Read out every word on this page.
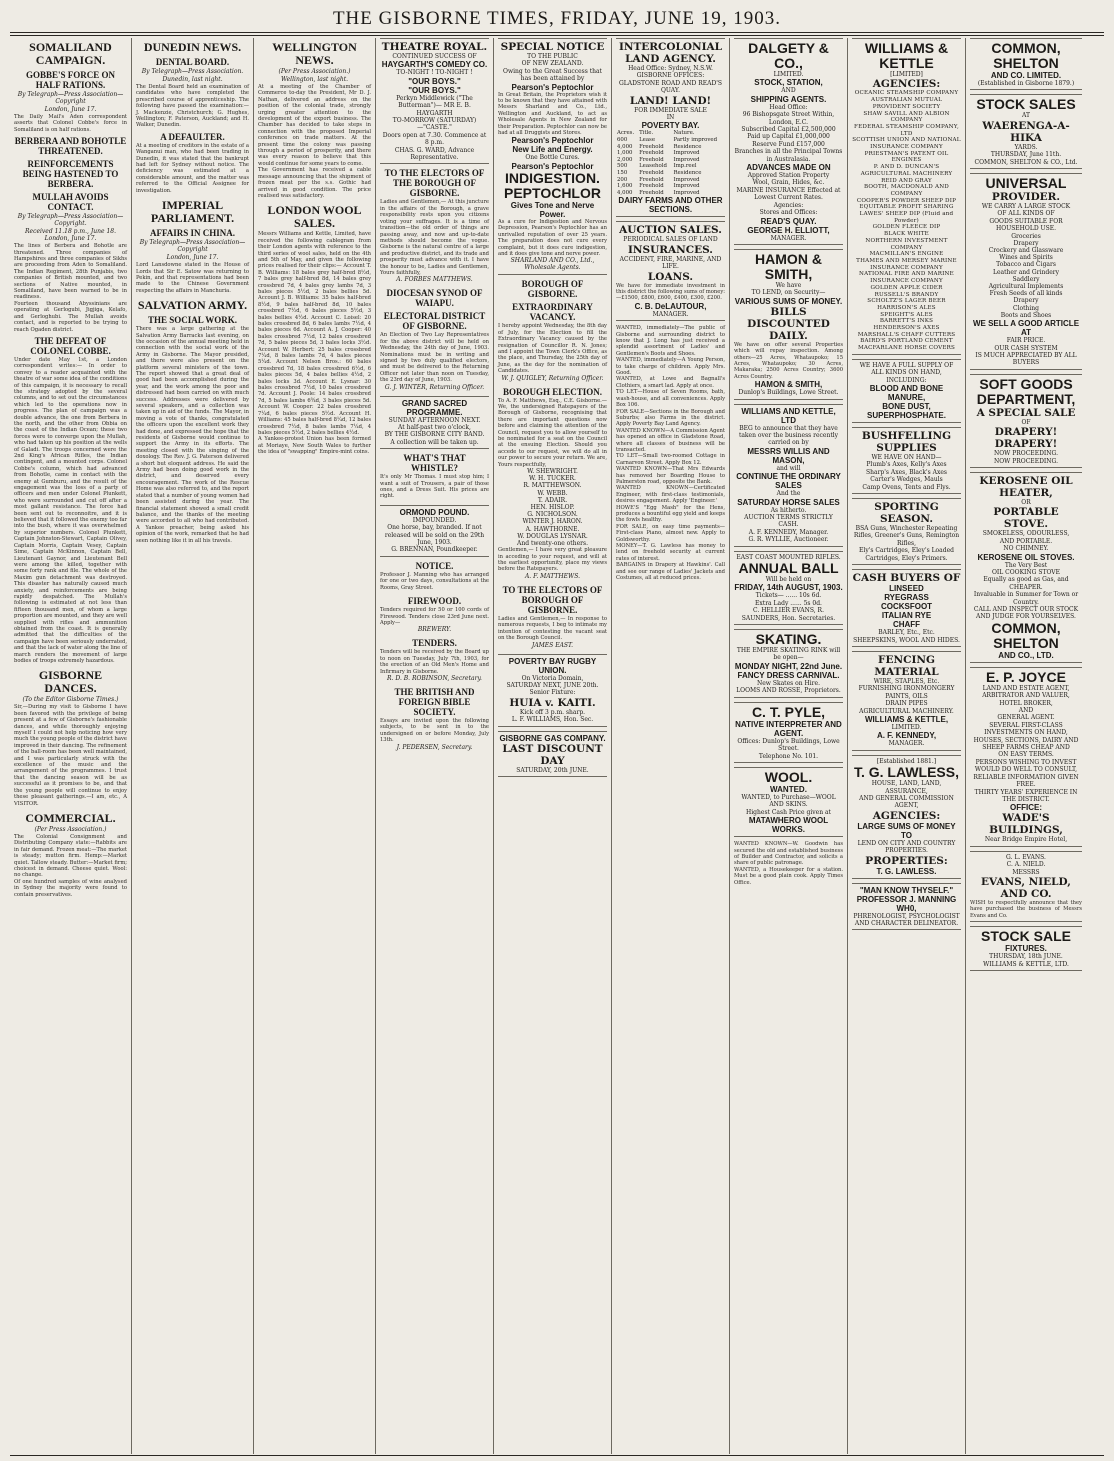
THE GISBORNE TIMES, FRIDAY, JUNE 19, 1903.
SOMALILAND CAMPAIGN.
GOBBE'S FORCE ON HALF RATIONS.
By Telegraph—Press Association—Copyright
London, June 17.
The Daily Mail's Aden correspondent asserts that Colonel Cobbe's force in Somaliland is on half rations.
BERBERA AND BOHOTLE THREATENED.
REINFORCEMENTS BEING HASTENED TO BERBERA.
MULLAH AVOIDS CONTACT.
By Telegraph—Press Association—Copyright.
Received 11.18 p.m., June 18. London, June 17.
The lines of Berbera and Bohotle are threatened. Three companies of Hampshires and three companies of Sikhs are proceeding from Aden to Somaliland. The Indian Regiment, 28th Punjabis, two companies of British mounted, and two sections of Native mounted, in Somaliland, have been warned to be in readiness.
Fourteen thousand Abyssinians are operating at Gerlogubi, Jigjiga, Kelafo, and Gerloghubi. The Mullah avoids contact, and is reported to be trying to reach Ogaden district.
THE DEFEAT OF COLONEL COBBE.
Under date May 1st, a London correspondent writes:— In order to convey to a reader acquainted with the theatre of war some idea of the conditions of this campaign, it is necessary to recall the strategy adopted by the several columns, and to set out the circumstances which led to the operations now in progress. The plan of campaign was a double advance, the one from Berbera in the north, and the other from Obbia on the coast of the Indian Ocean; these two forces were to converge upon the Mullah, who had taken up his position at the wells of Galadi. The troops concerned were the 2nd King's African Rifles, the Indian contingent, and a mounted corps. Colonel Cobbe's column, which had advanced from Bohotle, came in contact with the enemy at Gumburu, and the result of the engagement was the loss of a party of officers and men under Colonel Plunkett, who were surrounded and cut off after a most gallant resistance. The force had been sent out to reconnoitre, and it is believed that it followed the enemy too far into the bush, where it was overwhelmed by superior numbers. Colonel Plunkett, Captain Johnston-Stewart, Captain Olivey, Captain Morris, Captain Vesey, Captain Sime, Captain McKinnon, Captain Bell, Lieutenant Gaynor, and Lieutenant Bell were among the killed, together with some forty rank and file. The whole of the Maxim gun detachment was destroyed. This disaster has naturally caused much anxiety, and reinforcements are being rapidly despatched. The Mullah's following is estimated at not less than fifteen thousand men, of whom a large proportion are mounted, and they are well supplied with rifles and ammunition obtained from the coast. It is generally admitted that the difficulties of the campaign have been seriously underrated, and that the lack of water along the line of march renders the movement of large bodies of troops extremely hazardous.
GISBORNE DANCES.
(To the Editor Gisborne Times.)
Sir,—During my visit to Gisborne I have been favored with the privilege of being present at a few of Gisborne's fashionable dances, and while thoroughly enjoying myself I could not help noticing how very much the young people of the district have improved in their dancing. The refinement of the ball-room has been well maintained, and I was particularly struck with the excellence of the music and the arrangement of the programmes. I trust that the dancing season will be as successful as it promises to be, and that the young people will continue to enjoy these pleasant gatherings.—I am, etc., A VISITOR.
COMMERCIAL.
(Per Press Association.)
The Colonial Consignment and Distributing Company state:—Rabbits are in fair demand. Frozen meat:—The market is steady; mutton firm. Hemp:—Market quiet. Tallow steady. Butter:—Market firm; choicest in demand. Cheese quiet. Wool: no change.
Of one hundred samples of wine analysed in Sydney the majority were found to contain preservatives.
DUNEDIN NEWS.
DENTAL BOARD.
By Telegraph—Press Association.
Dunedin, last night.
The Dental Board held an examination of candidates who have completed the prescribed course of apprenticeship. The following have passed the examination:— J. Mackenzie, Christchurch; G. Hughes, Wellington; F. Paterson, Auckland; and H. Walker, Dunedin.
A DEFAULTER.
At a meeting of creditors in the estate of a Wanganui man, who had been trading in Dunedin, it was stated that the bankrupt had left for Sydney without notice. The deficiency was estimated at a considerable amount, and the matter was referred to the Official Assignee for investigation.
IMPERIAL PARLIAMENT.
AFFAIRS IN CHINA.
By Telegraph—Press Association—Copyright
London, June 17.
Lord Lansdowne stated in the House of Lords that Sir E. Satow was returning to Pekin, and that representations had been made to the Chinese Government respecting the affairs in Manchuria.
SALVATION ARMY.
THE SOCIAL WORK.
There was a large gathering at the Salvation Army Barracks last evening, on the occasion of the annual meeting held in connection with the social work of the Army in Gisborne. The Mayor presided, and there were also present on the platform several ministers of the town. The report showed that a great deal of good had been accomplished during the year, and the work among the poor and distressed had been carried on with much success. Addresses were delivered by several speakers, and a collection was taken up in aid of the funds. The Mayor, in moving a vote of thanks, congratulated the officers upon the excellent work they had done, and expressed the hope that the residents of Gisborne would continue to support the Army in its efforts. The meeting closed with the singing of the doxology. The Rev. J. G. Paterson delivered a short but eloquent address. He said the Army had been doing good work in the district, and deserved every encouragement. The work of the Rescue Home was also referred to, and the report stated that a number of young women had been assisted during the year. The financial statement showed a small credit balance, and the thanks of the meeting were accorded to all who had contributed. A Yankee preacher, being asked his opinion of the work, remarked that he had seen nothing like it in all his travels.
WELLINGTON NEWS.
(Per Press Association.)
Wellington, last night.
At a meeting of the Chamber of Commerce to-day the President, Mr D. J. Nathan, delivered an address on the position of the colonial trade, strongly urging greater attention to the development of the export business. The Chamber has decided to take steps in connection with the proposed Imperial conference on trade matters. At the present time the colony was passing through a period of prosperity, and there was every reason to believe that this would continue for some years to come.
The Government has received a cable message announcing that the shipment of frozen meat per the s.s. Gothic had arrived in good condition. The price realised was satisfactory.
LONDON WOOL SALES.
Messrs Williams and Kettle, Limited, have received the following cablegram from their London agents with reference to the third series of wool sales, held on the 4th and 5th of May, and given the following prices realised for their clips:— Account T. B. Williams: 18 bales grey half-bred 8½d, 7 bales grey half-bred 8d, 14 bales grey crossbred 7d, 4 bales grey lambs 7d, 3 bales pieces 5½d, 2 bales bellies 5d. Account J. B. Williams: 35 bales half-bred 8½d, 9 bales half-bred 8d, 10 bales crossbred 7½d, 6 bales pieces 5½d, 3 bales bellies 4½d. Account C. Loisel: 20 bales crossbred 8d, 6 bales lambs 7½d, 4 bales pieces 6d. Account A. J. Cooper: 40 bales crossbred 7½d, 12 bales crossbred 7d, 5 bales pieces 5d, 3 bales locks 3½d. Account W. Herbert: 25 bales crossbred 7¼d, 8 bales lambs 7d, 4 bales pieces 5¼d. Account Nelson Bros.: 60 bales crossbred 7d, 18 bales crossbred 6½d, 6 bales pieces 5d, 4 bales bellies 4½d, 2 bales locks 3d. Account E. Lysnar: 30 bales crossbred 7½d, 10 bales crossbred 7d. Account J. Poole: 14 bales crossbred 7d, 5 bales lambs 6¾d, 3 bales pieces 5d. Account W. Cooper: 22 bales crossbred 7¼d, 6 bales pieces 5½d. Account H. Williams: 45 bales half-bred 8¼d, 12 bales crossbred 7½d, 8 bales lambs 7¼d, 4 bales pieces 5½d, 2 bales bellies 4½d.
A Yankee-protest Union has been formed at Moriaye, New South Wales to further the idea of "swapping" Empire-mint coins.
THEATRE ROYAL.
CONTINUED SUCCESS OF
HAYGARTH'S COMEDY CO.
TO-NIGHT ! TO-NIGHT !
"OUR BOYS."
"OUR BOYS."
Perkyn Middlewick ("The Butterman")— MR E. B. HAYGARTH
TO-MORROW (SATURDAY)—"CASTE."
Doors open at 7.30. Commence at 8 p.m.
CHAS. G. WARD, Advance Representative.
TO THE ELECTORS OF THE BOROUGH OF GISBORNE.
Ladies and Gentlemen,— At this juncture in the affairs of the Borough, a grave responsibility rests upon you citizens voting your suffrages. It is a time of transition—the old order of things are passing away, and now and up-to-date methods should become the vogue. Gisborne is the natural centre of a large and productive district, and its trade and prosperity must advance with it. I have the honour to be, Ladies and Gentlemen, Yours faithfully,
A. FORBES MATTHEWS.
DIOCESAN SYNOD OF WAIAPU.
ELECTORAL DISTRICT OF GISBORNE.
An Election of Two Lay Representatives for the above district will be held on Wednesday, the 24th day of June, 1903. Nominations must be in writing and signed by two duly qualified electors, and must be delivered to the Returning Officer not later than noon on Tuesday, the 23rd day of June, 1903.
G. J. WINTER, Returning Officer.
GRAND SACRED PROGRAMME.
SUNDAY AFTERNOON NEXT.
At half-past two o'clock,
BY THE GISBORNE CITY BAND.
A collection will be taken up.
WHAT'S THAT WHISTLE?
It's only Mr Thomas. I must stop him; I want a suit of Trousers, a pair of those ones, and a Dress Suit. His prices are right.
ORMOND POUND.
IMPOUNDED.
One horse, bay, branded. If not released will be sold on the 29th June, 1903.
G. BRENNAN, Poundkeeper.
NOTICE.
Professor J. Manning who has arranged for one or two days, consultations at the Rooms, Gray Street.
FIREWOOD.
Tenders required for 50 or 100 cords of Firewood. Tenders close 23rd June next. Apply—
BREWERY.
TENDERS.
Tenders will be received by the Board up to noon on Tuesday, July 7th, 1903, for the erection of an Old Men's Home and Infirmary in Gisborne.
R. D. B. ROBINSON, Secretary.
THE BRITISH AND FOREIGN BIBLE SOCIETY.
Essays are invited upon the following subjects, to be sent in to the undersigned on or before Monday, July 13th.
J. PEDERSEN, Secretary.
SPECIAL NOTICE
TO THE PUBLIC
OF NEW ZEALAND.
Owing to the Great Success that has been attained by
Pearson's Peptochlor
In Great Britain, the Proprietors wish it to be known that they have attained with Messrs Sharland and Co., Ltd., Wellington and Auckland, to act as Wholesale Agents in New Zealand for their Preparation. Peptochlor can now be had at all Druggists and Stores.
Pearson's Peptochlor
New Life and Energy.
One Bottle Cures.
Pearson's Peptochlor
INDIGESTION.
PEPTOCHLOR
Gives Tone and Nerve Power.
As a cure for Indigestion and Nervous Depression, Pearson's Peptochlor has an unrivalled reputation of over 25 years. The preparation does not cure every complaint, but it does cure indigestion, and it does give tone and nerve power.
SHARLAND AND CO., Ltd., Wholesale Agents.
BOROUGH OF GISBORNE.
EXTRAORDINARY VACANCY.
I hereby appoint Wednesday, the 8th day of July, for the Election to fill the Extraordinary Vacancy caused by the resignation of Councillor R. N. Jones; and I appoint the Town Clerk's Office, as the place, and Thursday, the 25th day of June, as the day for the nomination of Candidates.
W. J. QUIGLEY, Returning Officer.
BOROUGH ELECTION.
To A. F. Matthews, Esq., C.E. Gisborne.— We, the undersigned Ratepayers of the Borough of Gisborne, recognising that there are important questions now before and claiming the attention of the Council, request you to allow yourself to be nominated for a seat on the Council at the ensuing Election. Should you accede to our request, we will do all in our power to secure your return. We are, Yours respectfully,
W. SHEWRIGHT.
W. H. TUCKER.
R. MATTHEWSON.
W. WEBB.
T. ADAIR.
HEN. HISLOP.
G. NICHOLSON.
WINTER J. HARON.
A. HAWTHORNE.
W. DOUGLAS LYSNAR.
And twenty-one others.
Gentlemen,— I have very great pleasure in acceding to your request, and will at the earliest opportunity, place my views before the Ratepayers.
A. F. MATTHEWS.
TO THE ELECTORS OF BOROUGH OF GISBORNE.
Ladies and Gentlemen,— In response to numerous requests, I beg to intimate my intention of contesting the vacant seat on the Borough Council.
JAMES EAST.
POVERTY BAY RUGBY UNION.
On Victoria Domain,
SATURDAY NEXT, JUNE 20th.
Senior Fixture:
HUIA v. KAITI.
Kick off 3 p.m. sharp.
L. F. WILLIAMS, Hon. Sec.
GISBORNE GAS COMPANY.
LAST DISCOUNT DAY
SATURDAY, 20th JUNE.
INTERCOLONIAL LAND AGENCY.
Head Office: Sydney, N.S.W.
GISBORNE OFFICES:
GLADSTONE ROAD AND READ'S QUAY.
LAND! LAND!
FOR IMMEDIATE SALE
IN
POVERTY BAY.
Acres.	Title.	Nature.
600	Lease	Partly improved
4,000	Freehold	Residence
1,000	Freehold	Improved
2,000	Freehold	Improved
500	Leasehold	Imp.reel
150	Freehold	Residence
200	Freehold	Improved
1,600	Freehold	Improved
4,000	Freehold	Improved
DAIRY FARMS AND OTHER SECTIONS.
AUCTION SALES.
PERIODICAL SALES OF LAND
INSURANCES.
ACCIDENT, FIRE, MARINE, AND LIFE.
LOANS.
We have for immediate investment in this district the following sums of money:—£1500, £800, £600, £400, £300, £200.
C. B. DeLAUTOUR,
MANAGER.
WANTED, immediately—The public of Gisborne and surrounding district to know that J. Long has just received a splendid assortment of Ladies' and Gentlemen's Boots and Shoes.
WANTED, immediately—A Young Person, to take charge of children. Apply Mrs. Good.
WANTED, at Lowe and Bagnall's Clothiers, a smart lad. Apply at once.
TO LET—House of Seven Rooms, bath, wash-house, and all conveniences. Apply Box 106.
FOR SALE—Sections in the Borough and Suburbs; also Farms in the district. Apply Poverty Bay Land Agency.
WANTED KNOWN—A Commission Agent has opened an office in Gladstone Road, where all classes of business will be transacted.
TO LET—Small two-roomed Cottage in Carnarvon Street. Apply Box 12.
WANTED KNOWN—That Mrs Edwards has removed her Boarding House to Palmerston road, opposite the Bank.
WANTED KNOWN—Certificated Engineer, with first-class testimonials, desires engagement. Apply 'Engineer.'
HOWE'S "Egg Mash" for the Hens, produces a bountiful egg yield and keeps the fowls healthy.
FOR SALE, on easy time payments—First-class Piano, almost new. Apply to Goldsworthy.
MONEY—T. G. Lawless has money to lend on freehold security at current rates of interest.
BARGAINS in Drapery at Hawkins'. Call and see our range of Ladies' Jackets and Costumes, all at reduced prices.
DALGETY & CO.,
LIMITED.
STOCK, STATION,
AND
SHIPPING AGENTS.
Head Office:
96 Bishopsgate Street Within, London, E.C.
Subscribed Capital £2,500,000
Paid up Capital £1,000,000
Reserve Fund £157,000
Branches in all the Principal Towns in Australasia.
ADVANCES MADE ON
Approved Station Property
Wool, Grain, Hides, &c.
MARINE INSURANCE Effected at Lowest Current Rates.
Agencies:
Stores and Offices:
READ'S QUAY.
GEORGE H. ELLIOTT,
MANAGER.
HAMON & SMITH,
We have
TO LEND, on Security—
VARIOUS SUMS OF MONEY.
BILLS DISCOUNTED
DAILY.
We have on offer several Properties which will repay inspection. Among others—25 Acres, Whataupoko; 15 Acres, Whataupoko; 30 Acres, Makaraka; 2500 Acres Country; 3600 Acres Country.
HAMON & SMITH,
Dunlop's Buildings, Lowe Street.
WILLIAMS AND KETTLE, LTD
BEG to announce that they have taken over the business recently carried on by
MESSRS WILLIS AND MASON,
and will
CONTINUE THE ORDINARY SALES
And the
SATURDAY HORSE SALES
As hitherto.
AUCTION TERMS STRICTLY CASH.
A. F. KENNEDY, Manager.
G. R. WYLLIE, Auctioneer.
EAST COAST MOUNTED RIFLES.
ANNUAL BALL
Will be held on
FRIDAY, 14th AUGUST, 1903.
Tickets— ...... 10s 6d.
Extra Lady ...... 5s 0d.
C. HELLIER EVANS, R. SAUNDERS, Hon. Secretaries.
SKATING.
THE EMPIRE SKATING RINK will be open—
MONDAY NIGHT, 22nd June.
FANCY DRESS CARNIVAL.
New Skates on Hire.
LOOMS AND ROSSE, Proprietors.
C. T. PYLE,
NATIVE INTERPRETER AND AGENT.
Offices: Dunlop's Buildings, Lowe Street.
Telephone No. 101.
WOOL.
WANTED.
WANTED, to Purchase—WOOL AND SKINS.
Highest Cash Price given at
MATAWHERO WOOL WORKS.
WANTED KNOWN—W. Goodwin has secured the old and established business of Builder and Contractor, and solicits a share of public patronage.
WANTED, a Housekeeper for a station. Must be a good plain cook. Apply Times Office.
WILLIAMS & KETTLE
[LIMITED]
AGENCIES:
OCEANIC STEAMSHIP COMPANY
AUSTRALIAN MUTUAL PROVIDENT SOCIETY
SHAW SAVILL AND ALBION COMPANY
FEDERAL STEAMSHIP COMPANY, LTD
SCOTTISH UNION AND NATIONAL INSURANCE COMPANY
PRIESTMAN'S PATENT OIL ENGINES
P. AND D. DUNCAN'S AGRICULTURAL MACHINERY
REID AND GRAY
BOOTH, MACDONALD AND COMPANY
COOPER'S POWDER SHEEP DIP
EQUITABLE PROFIT SHARING
LAWES' SHEEP DIP (Fluid and Powder)
GOLDEN FLEECE DIP
BLACK WHITE
NORTHERN INVESTMENT COMPANY
MACMILLAN'S ENGINE
THAMES AND MERSEY MARINE INSURANCE COMPANY
NATIONAL FIRE AND MARINE INSURANCE COMPANY
GOLDEN APPLE CIDER
RUSSELL'S BRANDY
SCHOLTZ'S LAGER BEER
HARRISON'S ALES
SPEIGHT'S ALES
BARRETT'S INKS
HENDERSON'S AXES
MARSHALL'S CHAFF CUTTERS
BAIRD'S PORTLAND CEMENT
MACFARLANE HORSE COVERS
WE HAVE A FULL SUPPLY OF
ALL KINDS ON HAND,
INCLUDING:
BLOOD AND BONE MANURE,
BONE DUST,
SUPERPHOSPHATE.
BUSHFELLING SUPPLIES
WE HAVE ON HAND—
Plumb's Axes, Kelly's Axes
Sharp's Axes, Black's Axes
Carter's Wedges, Mauls
Camp Ovens, Tents and Flys.
SPORTING SEASON.
BSA Guns, Winchester Repeating Rifles, Greener's Guns, Remington Rifles,
Ely's Cartridges, Eley's Loaded Cartridges, Eley's Primers.
CASH BUYERS OF
LINSEED
RYEGRASS
COCKSFOOT
ITALIAN RYE
CHAFF
BARLEY, Etc., Etc.
SHEEPSKINS, WOOL AND HIDES.
FENCING MATERIAL
WIRE, STAPLES, Etc.
FURNISHING IRONMONGERY
PAINTS, OILS
DRAIN PIPES
AGRICULTURAL MACHINERY.
WILLIAMS & KETTLE,
LIMITED.
A. F. KENNEDY,
MANAGER.
[Established 1881.]
T. G. LAWLESS,
HOUSE, LAND, LAND, ASSURANCE,
AND GENERAL COMMISSION
AGENT,
AGENCIES:
LARGE SUMS OF MONEY TO
LEND ON CITY AND COUNTRY PROPERTIES.
PROPERTIES:
T. G. LAWLESS.
"MAN KNOW THYSELF."
PROFESSOR J. MANNING WH0,
PHRENOLOGIST, PSYCHOLOGIST
AND CHARACTER DELINEATOR.
COMMON, SHELTON
AND CO. LIMITED.
(Established in Gisborne 1879.)
STOCK SALES
AT
WAERENGA-A-HIKA
YARDS.
THURSDAY, June 11th.
COMMON, SHELTON & CO., Ltd.
UNIVERSAL
PROVIDER.
WE CARRY A LARGE STOCK
OF ALL KINDS OF
GOODS SUITABLE FOR
HOUSEHOLD USE.
Groceries
Drapery
Crockery and Glassware
Wines and Spirits
Tobacco and Cigars
Leather and Grindery
Saddlery
Agricultural Implements
Fresh Seeds of all kinds
Drapery
Clothing
Boots and Shoes
WE SELL A GOOD ARTICLE AT
FAIR PRICE.
OUR CASH SYSTEM
IS MUCH APPRECIATED BY ALL BUYERS
SOFT GOODS DEPARTMENT,
A SPECIAL SALE
OF
DRAPERY! DRAPERY!
NOW PROCEEDING.
NOW PROCEEDING.
KEROSENE OIL HEATER,
OR
PORTABLE STOVE.
SMOKELESS, ODOURLESS,
AND PORTABLE.
NO CHIMNEY.
KEROSENE OIL STOVES.
The Very Best
OIL COOKING STOVE
Equally as good as Gas, and CHEAPER.
Invaluable in Summer for Town or Country.
CALL AND INSPECT OUR STOCK
AND JUDGE FOR YOURSELVES.
COMMON, SHELTON
AND CO., LTD.
E. P. JOYCE
LAND AND ESTATE AGENT,
ARBITRATOR AND VALUER,
HOTEL BROKER,
AND
GENERAL AGENT.
SEVERAL FIRST-CLASS INVESTMENTS ON HAND,
HOUSES, SECTIONS, DAIRY AND
SHEEP FARMS CHEAP AND
ON EASY TERMS.
PERSONS WISHING TO INVEST
WOULD DO WELL TO CONSULT,
RELIABLE INFORMATION GIVEN FREE.
THIRTY YEARS' EXPERIENCE IN THE DISTRICT.
OFFICE:
WADE'S BUILDINGS,
Near Bridge Empire Hotel,
G. L. EVANS.
C. A. NIELD.
MESSRS
EVANS, NIELD, AND CO.
WISH to respectfully announce that they have purchased the business of Messrs Evans and Co.
STOCK SALE
FIXTURES.
THURSDAY, 18th JUNE.
WILLIAMS & KETTLE, LTD.
